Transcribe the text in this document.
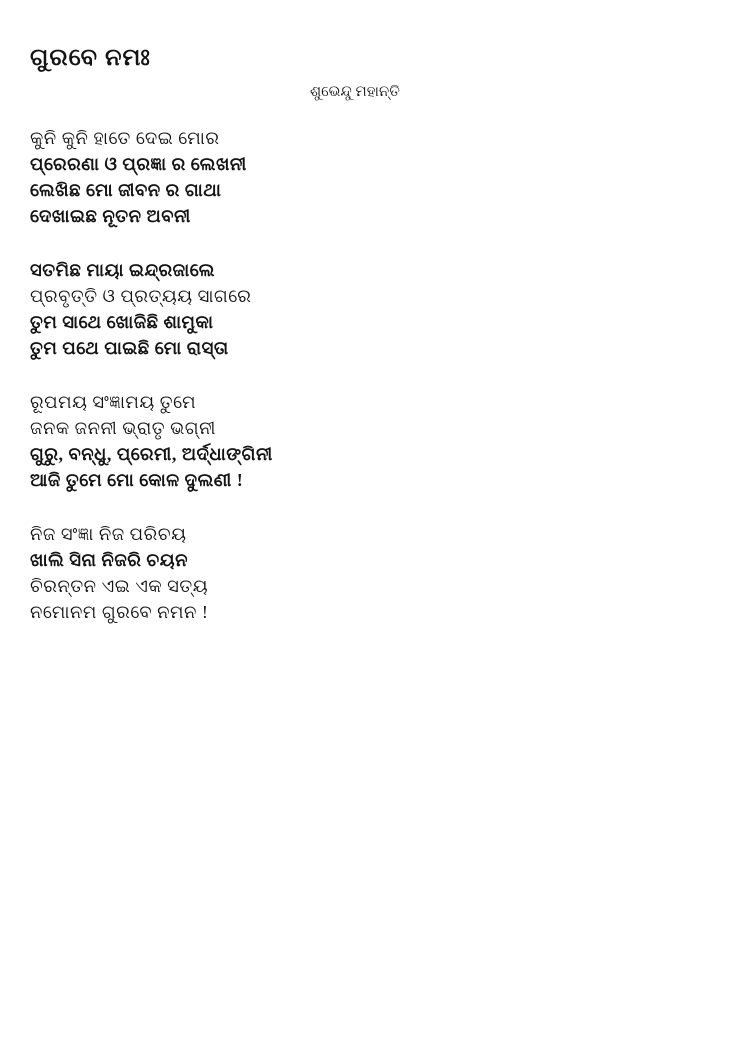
ଗୁରବେ ନମଃ
ଶୁଭେନ୍ଦୁ ମହାନ୍ତି
କୁନି କୁନି ହାତେ ଦେଇ ମୋର
ପ୍ରେରଣା ଓ ପ୍ରଜ୍ଞା ର ଲେଖନୀ
ଲେଖିଛ ମୋ ଜୀବନ ର ଗାଥା
ଦେଖାଇଛ ନୂତନ ଅବନୀ
ସତମିଛ ମାୟା ଇନ୍ଦ୍ରଜାଲେ
ପ୍ରବୃତ୍ତି ଓ ପ୍ରତ୍ୟୟ ସାଗରେ
ତୁମ ସାଥେ ଖୋଜିଛି ଶାମୁକା
ତୁମ ପଥେ ପାଇଛି ମୋ ରାସ୍ତା
ରୂପମୟ ସଂଜ୍ଞାମୟ ତୁମେ
ଜନକ ଜନନୀ ଭ୍ରାତୃ ଭଗ୍ନୀ
ଗୁରୁ, ବନ୍ଧୁ, ପ୍ରେମୀ, ଅର୍ଦ୍ଧାଙ୍ଗିନୀ
ଆଜି ତୁମେ ମୋ କୋଳ ଦୁଲଣୀ !
ନିଜ ସଂଜ୍ଞା ନିଜ ପରିଚୟ
ଖାଲି ସିନା ନିଜରି ଚୟନ
ଚିରନ୍ତନ ଏଇ ଏକ ସତ୍ୟ
ନମୋନମ ଗୁରବେ ନମନ !
